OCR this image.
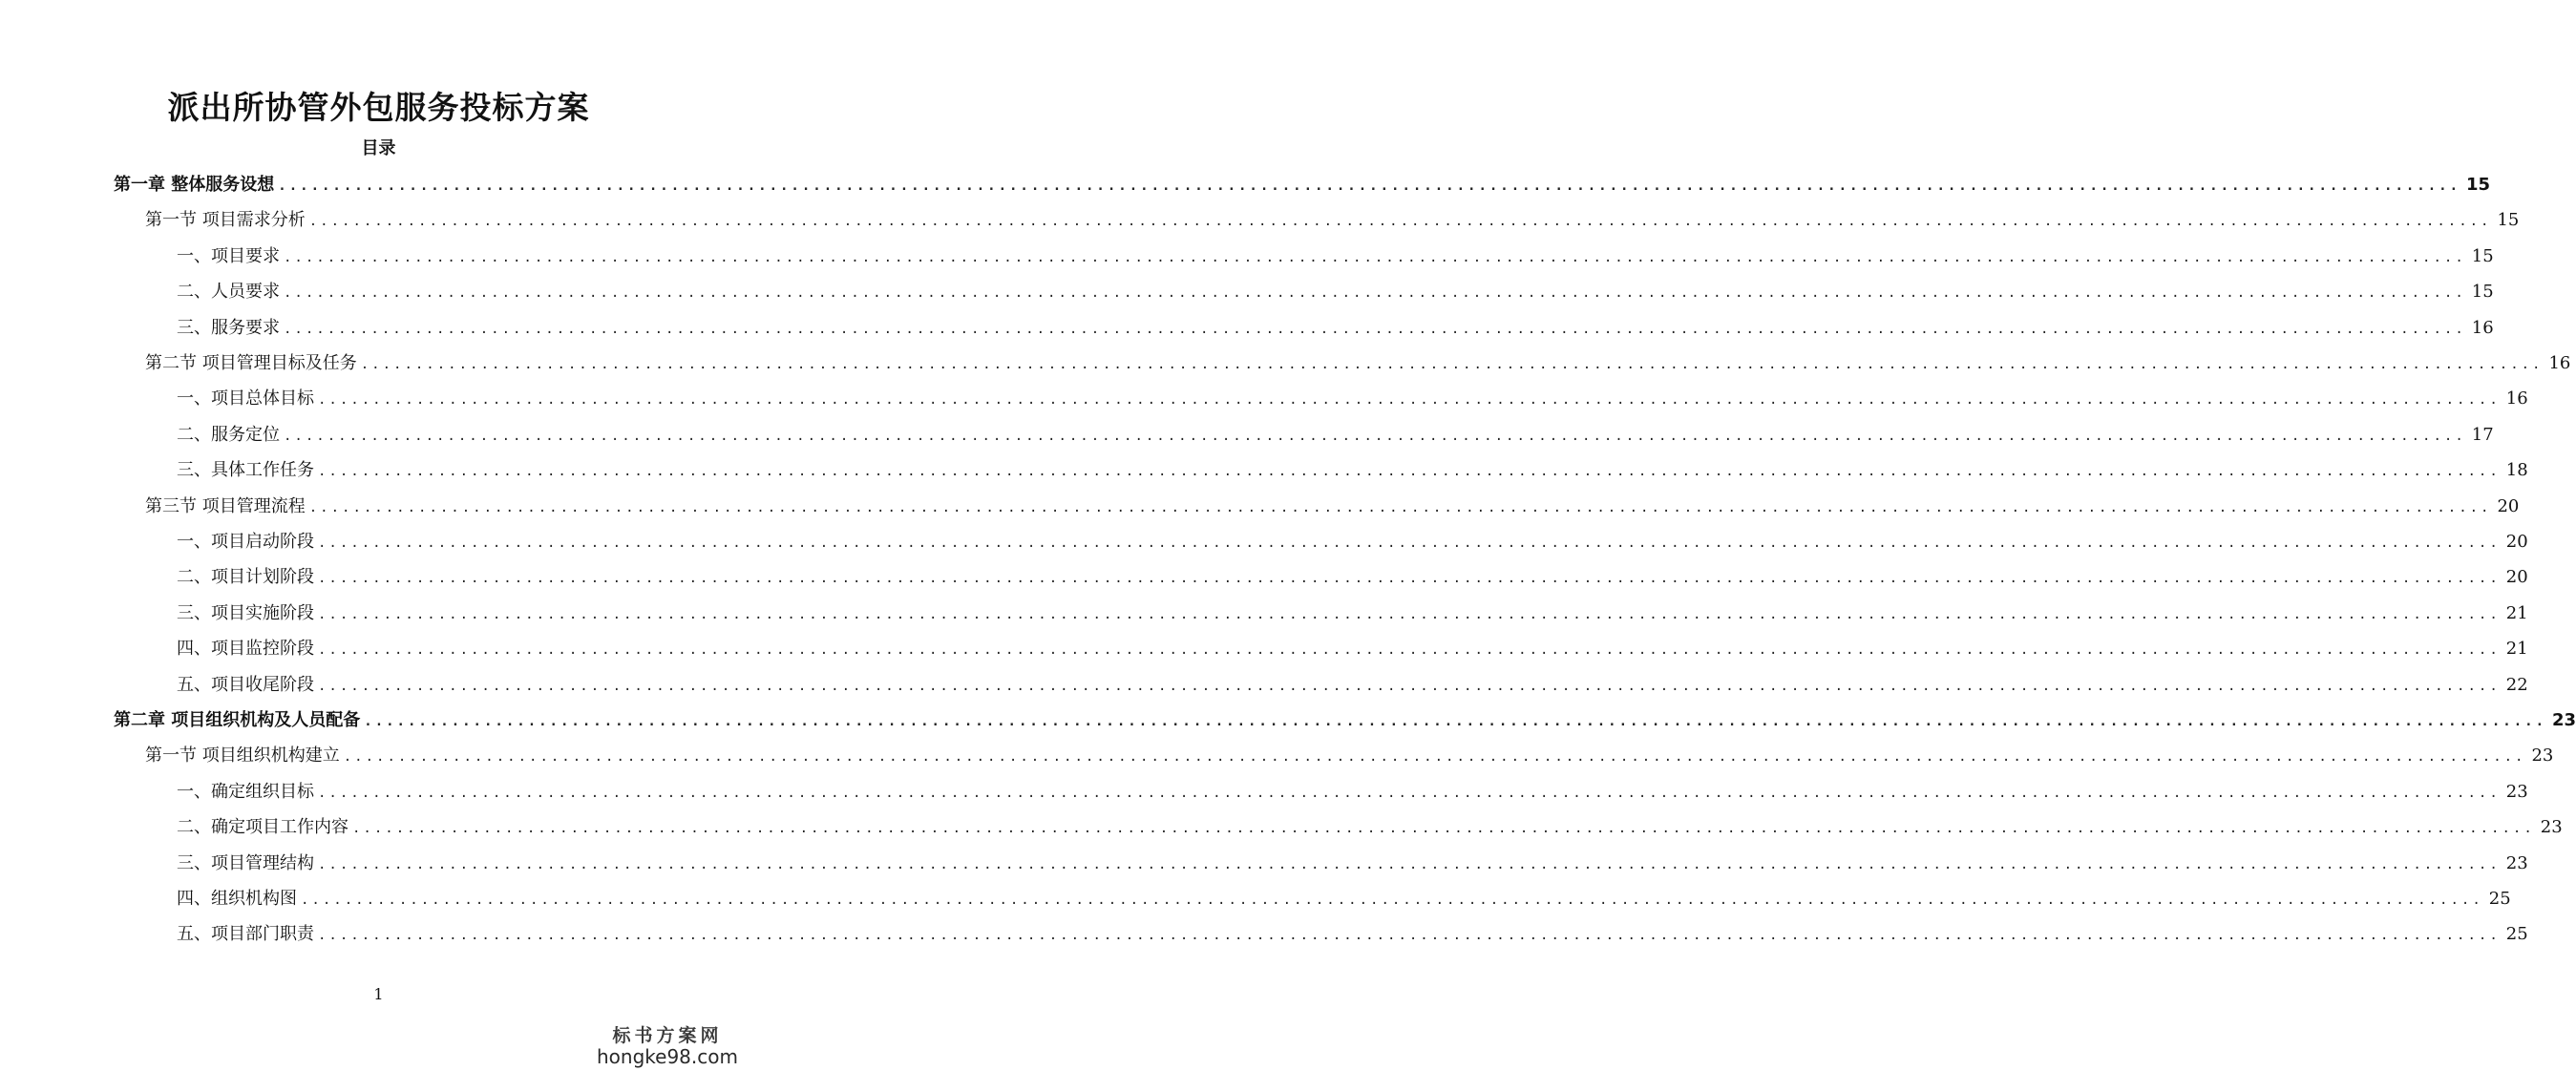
派出所协管外包服务投标方案
目录
第一章 整体服务设想 ........................................................................................................................................................................................................ 15
第一节 项目需求分析 ........................................................................................................................................................................................................ 15
一、项目要求 ........................................................................................................................................................................................................ 15
二、人员要求 ........................................................................................................................................................................................................ 15
三、服务要求 ........................................................................................................................................................................................................ 16
第二节 项目管理目标及任务 ........................................................................................................................................................................................................ 16
一、项目总体目标 ........................................................................................................................................................................................................ 16
二、服务定位 ........................................................................................................................................................................................................ 17
三、具体工作任务 ........................................................................................................................................................................................................ 18
第三节 项目管理流程 ........................................................................................................................................................................................................ 20
一、项目启动阶段 ........................................................................................................................................................................................................ 20
二、项目计划阶段 ........................................................................................................................................................................................................ 20
三、项目实施阶段 ........................................................................................................................................................................................................ 21
四、项目监控阶段 ........................................................................................................................................................................................................ 21
五、项目收尾阶段 ........................................................................................................................................................................................................ 22
第二章 项目组织机构及人员配备 ........................................................................................................................................................................................................ 23
第一节 项目组织机构建立 ........................................................................................................................................................................................................ 23
一、确定组织目标 ........................................................................................................................................................................................................ 23
二、确定项目工作内容 ........................................................................................................................................................................................................ 23
三、项目管理结构 ........................................................................................................................................................................................................ 23
四、组织机构图 ........................................................................................................................................................................................................ 25
五、项目部门职责 ........................................................................................................................................................................................................ 25
1
标书方案网
hongke98.com
